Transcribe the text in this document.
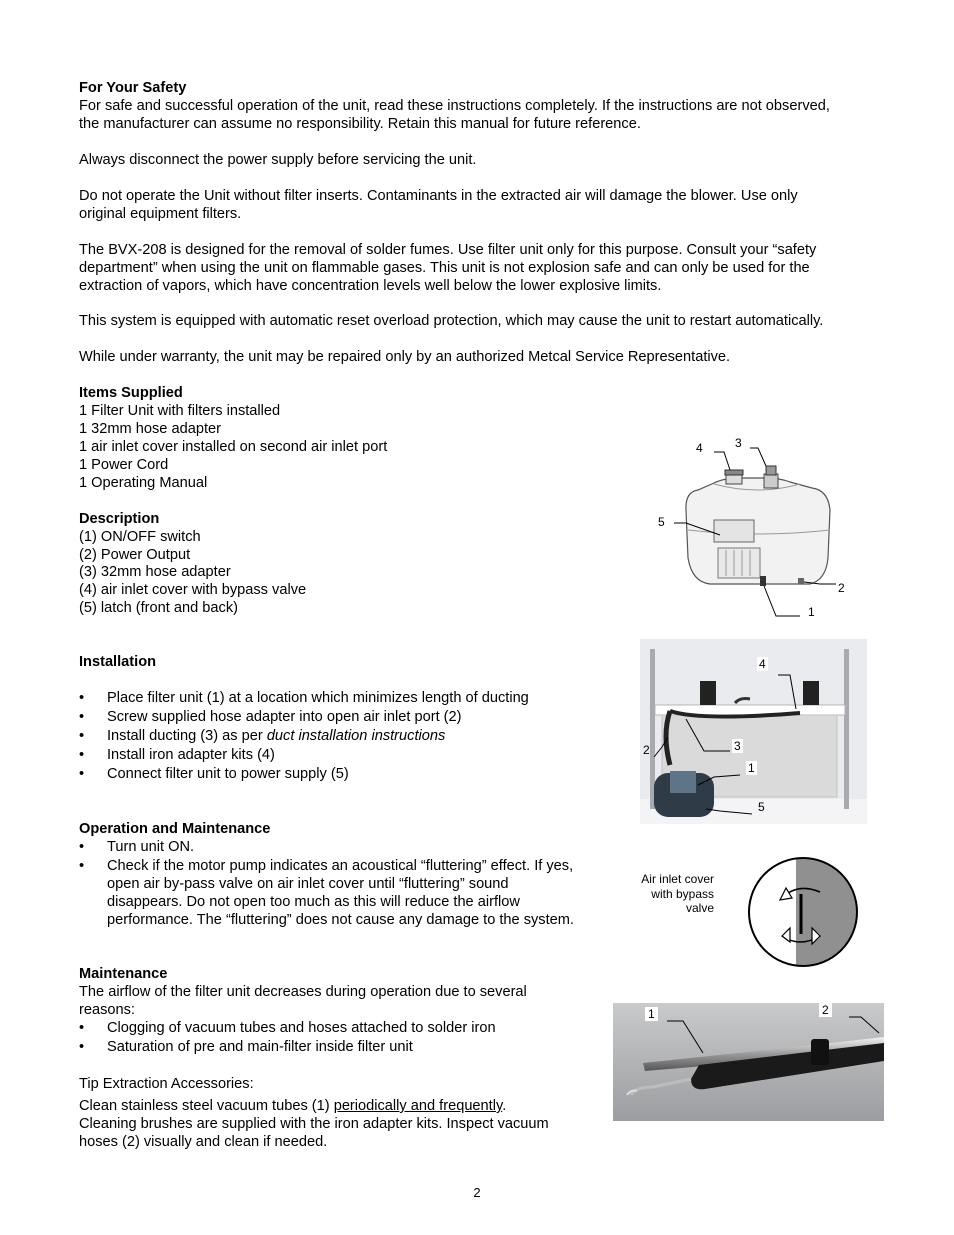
For Your Safety
For safe and successful operation of the unit, read these instructions completely. If the instructions are not observed,
the manufacturer can assume no responsibility. Retain this manual for future reference.
Always disconnect the power supply before servicing the unit.
Do not operate the Unit without filter inserts. Contaminants in the extracted air will damage the blower. Use only
original equipment filters.
The BVX-208 is designed for the removal of solder fumes. Use filter unit only for this purpose. Consult your “safety
department” when using the unit on flammable gases. This unit is not explosion safe and can only be used for the
extraction of vapors, which have concentration levels well below the lower explosive limits.
This system is equipped with automatic reset overload protection, which may cause the unit to restart automatically.
While under warranty, the unit may be repaired only by an authorized Metcal Service Representative.
Items Supplied
1 Filter Unit with filters installed
1 32mm hose adapter
1 air inlet cover installed on second air inlet port
1 Power Cord
1 Operating Manual
Description
(1) ON/OFF switch
(2) Power Output
(3) 32mm hose adapter
(4) air inlet cover with bypass valve
(5) latch (front and back)
4	3
5
2
1
Installation
• Place filter unit (1) at a location which minimizes length of ducting
• Screw supplied hose adapter into open air inlet port (2)
• Install ducting (3) as per duct installation instructions
• Install iron adapter kits (4)
• Connect filter unit to power supply (5)
4
2	3
1
5
Operation and Maintenance
• Turn unit ON.
• Check if the motor pump indicates an acoustical “fluttering” effect. If yes,
open air by-pass valve on air inlet cover until “fluttering” sound
disappears. Do not open too much as this will reduce the airflow
performance. The “fluttering” does not cause any damage to the system.
Air inlet cover
with bypass
valve
Maintenance
The airflow of the filter unit decreases during operation due to several
reasons:
• Clogging of vacuum tubes and hoses attached to solder iron
• Saturation of pre and main-filter inside filter unit
Tip Extraction Accessories:
Clean stainless steel vacuum tubes (1) periodically and frequently.
Cleaning brushes are supplied with the iron adapter kits. Inspect vacuum
hoses (2) visually and clean if needed.
1	2
2
